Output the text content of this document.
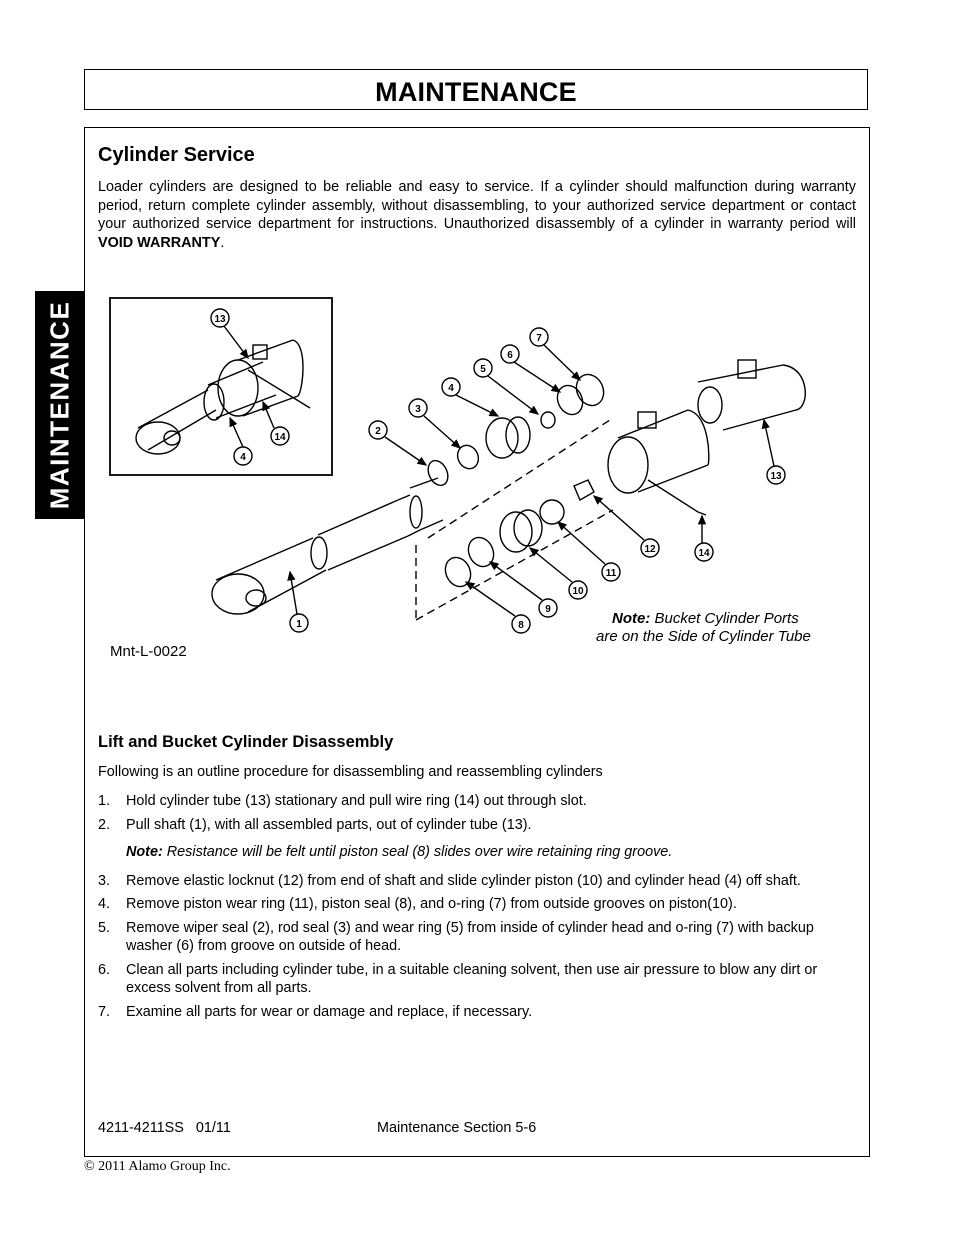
MAINTENANCE
MAINTENANCE
Cylinder Service
Loader cylinders are designed to be reliable and easy to service. If a cylinder should malfunction during warranty period, return complete cylinder assembly, without disassembling, to your authorized service department or contact your authorized service department for instructions. Unauthorized disassembly of a cylinder in warranty period will VOID WARRANTY.
13
4
14
1
2
3
4
5
6
7
8
9
10
11
12	14
13
Mnt-L-0022
Note: Bucket Cylinder Ports
are on the Side of Cylinder Tube
Lift and Bucket Cylinder Disassembly
Following is an outline procedure for disassembling and reassembling cylinders
1. Hold cylinder tube (13) stationary and pull wire ring (14) out through slot.
2. Pull shaft (1), with all assembled parts, out of cylinder tube (13).
Note: Resistance will be felt until piston seal (8) slides over wire retaining ring groove.
3. Remove elastic locknut (12) from end of shaft and slide cylinder piston (10) and cylinder head (4) off shaft.
4. Remove piston wear ring (11), piston seal (8), and o-ring (7) from outside grooves on piston(10).
5. Remove wiper seal (2), rod seal (3) and wear ring (5) from inside of cylinder head and o-ring (7) with backup washer (6) from groove on outside of head.
6. Clean all parts including cylinder tube, in a suitable cleaning solvent, then use air pressure to blow any dirt or excess solvent from all parts.
7. Examine all parts for wear or damage and replace, if necessary.
4211-4211SS   01/11	Maintenance Section 5-6
© 2011 Alamo Group Inc.
